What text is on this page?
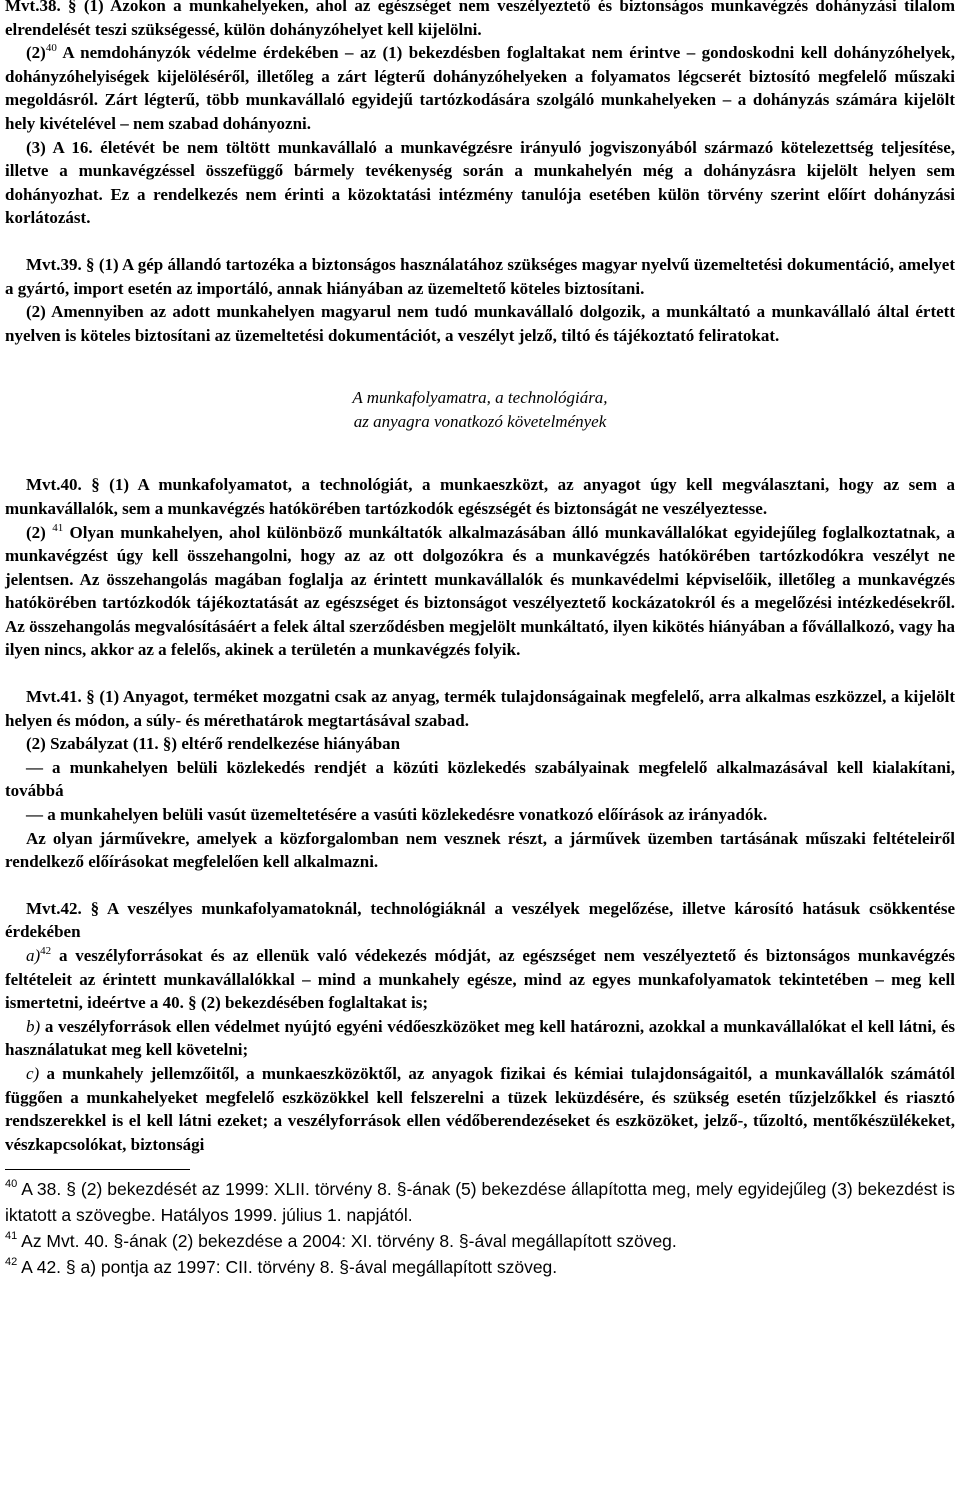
Mvt.38. § (1) Azokon a munkahelyeken, ahol az egészséget nem veszélyeztető és biztonságos munkavégzés dohányzási tilalom elrendelését teszi szükségessé, külön dohányzóhelyet kell kijelölni.

$(2)^{40}$ A nemdohányzók védelme érdekében – az (1) bekezdésben foglaltakat nem érintve – gondoskodni kell dohányzóhelyek, dohányzóhelyiségek kijelöléséről, illetőleg a zárt légterű dohányzóhelyeken a folyamatos légcserét biztosító megfelelő műszaki megoldásról. Zárt légterű, több munkavállaló egyidejű tartózkodására szolgáló munkahelyeken – a dohányzás számára kijelölt hely kivételével – nem szabad dohányozni.

(3) A 16. életévét be nem töltött munkavállaló a munkavégzésre irányuló jogviszonyából származó kötelezettség teljesítése, illetve a munkavégzéssel összefüggő bármely tevékenység során a munkahelyén még a dohányzásra kijelölt helyen sem dohányozhat. Ez a rendelkezés nem érinti a közoktatási intézmény tanulója esetében külön törvény szerint előírt dohányzási korlátozást.

Mvt.39. § (1) A gép állandó tartozéka a biztonságos használatához szükséges magyar nyelvű üzemeltetési dokumentáció, amelyet a gyártó, import esetén az importáló, annak hiányában az üzemeltető köteles biztosítani.

(2) Amennyiben az adott munkahelyen magyarul nem tudó munkavállaló dolgozik, a munkáltató a munkavállaló által értett nyelven is köteles biztosítani az üzemeltetési dokumentációt, a veszélyt jelző, tiltó és tájékoztató feliratokat.

A munkafolyamatra, a technológiára,
az anyagra vonatkozó követelmények

Mvt.40. § (1) A munkafolyamatot, a technológiát, a munkaeszközt, az anyagot úgy kell megválasztani, hogy az sem a munkavállalók, sem a munkavégzés hatókörében tartózkodók egészségét és biztonságát ne veszélyeztesse.

(2) $^{41}$ Olyan munkahelyen, ahol különböző munkáltatók alkalmazásában álló munkavállalókat egyidejűleg foglalkoztatnak, a munkavégzést úgy kell összehangolni, hogy az az ott dolgozókra és a munkavégzés hatókörében tartózkodókra veszélyt ne jelentsen. Az összehangolás magában foglalja az érintett munkavállalók és munkavédelmi képviselőik, illetőleg a munkavégzés hatókörében tartózkodók tájékoztatását az egészséget és biztonságot veszélyeztető kockázatokról és a megelőzési intézkedésekről. Az összehangolás megvalósításáért a felek által szerződésben megjelölt munkáltató, ilyen kikötés hiányában a fővállalkozó, vagy ha ilyen nincs, akkor az a felelős, akinek a területén a munkavégzés folyik.

Mvt.41. § (1) Anyagot, terméket mozgatni csak az anyag, termék tulajdonságainak megfelelő, arra alkalmas eszközzel, a kijelölt helyen és módon, a súly- és mérethatárok megtartásával szabad.

(2) Szabályzat (11. §) eltérő rendelkezése hiányában

— a munkahelyen belüli közlekedés rendjét a közúti közlekedés szabályainak megfelelő alkalmazásával kell kialakítani, továbbá

— a munkahelyen belüli vasút üzemeltetésére a vasúti közlekedésre vonatkozó előírások az irányadók.

Az olyan járművekre, amelyek a közforgalomban nem vesznek részt, a járművek üzemben tartásának műszaki feltételeiről rendelkező előírásokat megfelelően kell alkalmazni.

Mvt.42. § A veszélyes munkafolyamatoknál, technológiáknál a veszélyek megelőzése, illetve károsító hatásuk csökkentése érdekében

a)$^{42}$ a veszélyforrásokat és az ellenük való védekezés módját, az egészséget nem veszélyeztető és biztonságos munkavégzés feltételeit az érintett munkavállalókkal – mind a munkahely egésze, mind az egyes munkafolyamatok tekintetében – meg kell ismertetni, ideértve a 40. § (2) bekezdésében foglaltakat is;

b) a veszélyforrások ellen védelmet nyújtó egyéni védőeszközöket meg kell határozni, azokkal a munkavállalókat el kell látni, és használatukat meg kell követelni;

c) a munkahely jellemzőitől, a munkaeszközöktől, az anyagok fizikai és kémiai tulajdonságaitól, a munkavállalók számától függően a munkahelyeket megfelelő eszközökkel kell felszerelni a tüzek leküzdésére, és szükség esetén tűzjelzőkkel és riasztó rendszerekkel is el kell látni ezeket; a veszélyforrások ellen védőberendezéseket és eszközöket, jelző-, tűzoltó, mentőkészülékeket, vészkapcsolókat, biztonsági

$^{40}$ A 38. § (2) bekezdését az 1999: XLII. törvény 8. §-ának (5) bekezdése állapította meg, mely egyidejűleg (3) bekezdést is iktatott a szövegbe. Hatályos 1999. július 1. napjától.

$^{41}$ Az Mvt. 40. §-ának (2) bekezdése a 2004: XI. törvény 8. §-ával megállapított szöveg.

$^{42}$ A 42. § a) pontja az 1997: CII. törvény 8. §-ával megállapított szöveg.
